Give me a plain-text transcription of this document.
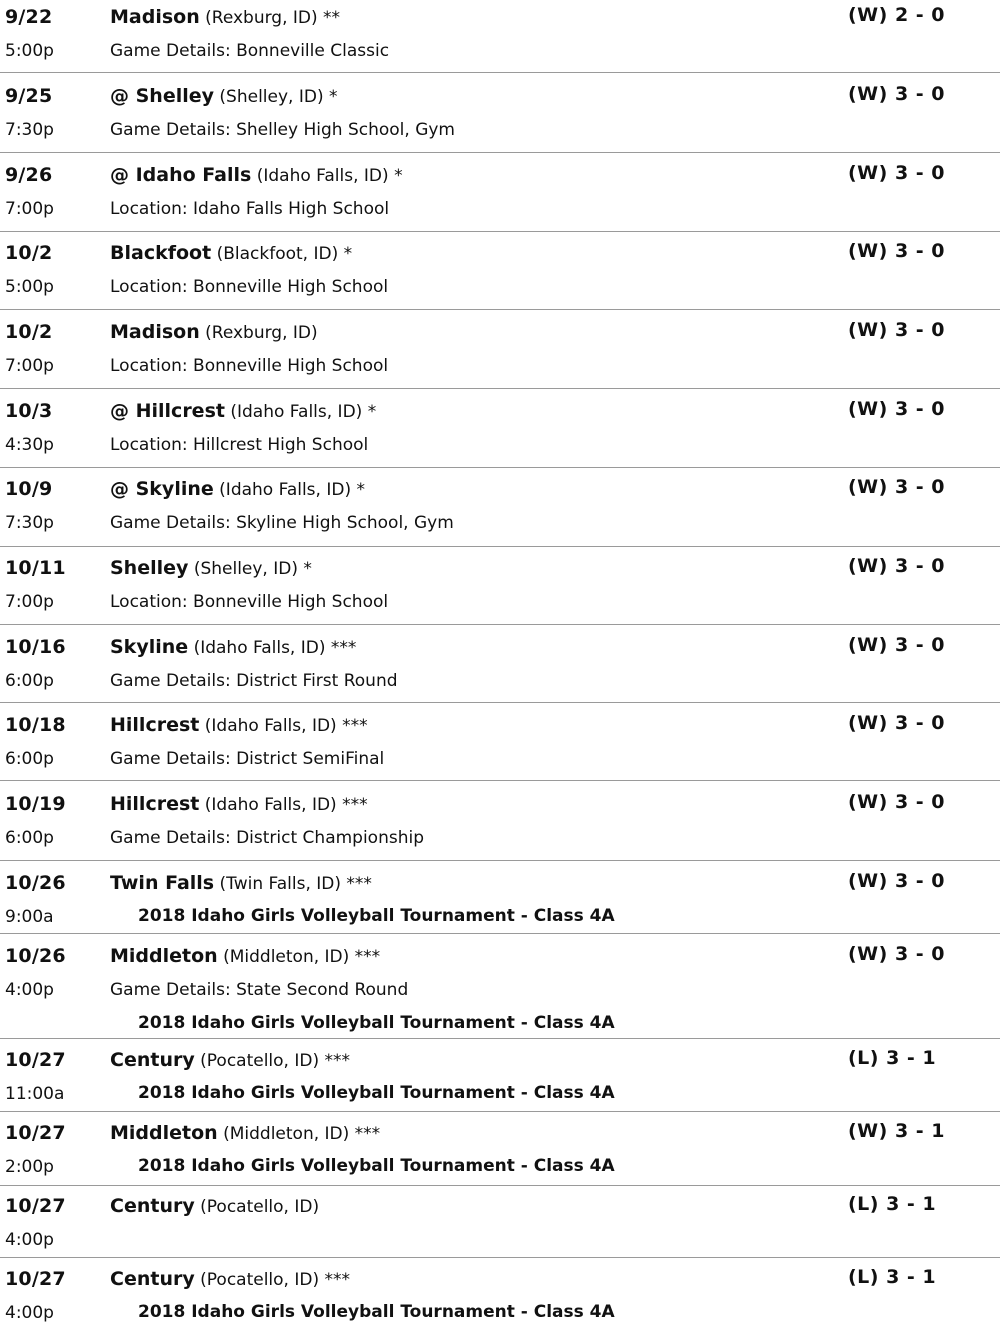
9/22
5:00p
Madison (Rexburg, ID) **
Game Details: Bonneville Classic
(W) 2 - 0
9/25
7:30p
@ Shelley (Shelley, ID) *
Game Details: Shelley High School, Gym
(W) 3 - 0
9/26
7:00p
@ Idaho Falls (Idaho Falls, ID) *
Location: Idaho Falls High School
(W) 3 - 0
10/2
5:00p
Blackfoot (Blackfoot, ID) *
Location: Bonneville High School
(W) 3 - 0
10/2
7:00p
Madison (Rexburg, ID)
Location: Bonneville High School
(W) 3 - 0
10/3
4:30p
@ Hillcrest (Idaho Falls, ID) *
Location: Hillcrest High School
(W) 3 - 0
10/9
7:30p
@ Skyline (Idaho Falls, ID) *
Game Details: Skyline High School, Gym
(W) 3 - 0
10/11
7:00p
Shelley (Shelley, ID) *
Location: Bonneville High School
(W) 3 - 0
10/16
6:00p
Skyline (Idaho Falls, ID) ***
Game Details: District First Round
(W) 3 - 0
10/18
6:00p
Hillcrest (Idaho Falls, ID) ***
Game Details: District SemiFinal
(W) 3 - 0
10/19
6:00p
Hillcrest (Idaho Falls, ID) ***
Game Details: District Championship
(W) 3 - 0
10/26
9:00a
Twin Falls (Twin Falls, ID) ***
2018 Idaho Girls Volleyball Tournament - Class 4A
(W) 3 - 0
10/26
4:00p
Middleton (Middleton, ID) ***
Game Details: State Second Round
2018 Idaho Girls Volleyball Tournament - Class 4A
(W) 3 - 0
10/27
11:00a
Century (Pocatello, ID) ***
2018 Idaho Girls Volleyball Tournament - Class 4A
(L) 3 - 1
10/27
2:00p
Middleton (Middleton, ID) ***
2018 Idaho Girls Volleyball Tournament - Class 4A
(W) 3 - 1
10/27
4:00p
Century (Pocatello, ID)	(L) 3 - 1
10/27
4:00p
Century (Pocatello, ID) ***
2018 Idaho Girls Volleyball Tournament - Class 4A
(L) 3 - 1
